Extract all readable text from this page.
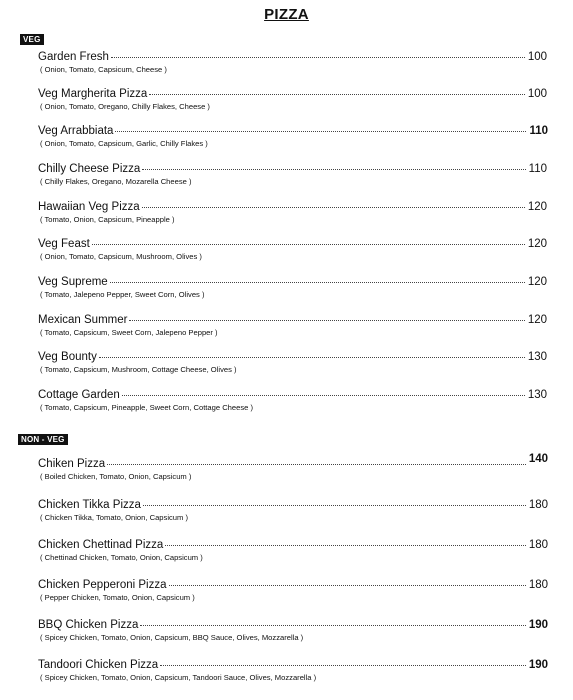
PIZZA
VEG
Garden Fresh	100
( Onion, Tomato, Capsicum, Cheese )
Veg Margherita Pizza	100
( Onion, Tomato, Oregano, Chilly Flakes, Cheese )
Veg Arrabbiata	110
( Onion, Tomato, Capsicum, Garlic, Chilly Flakes )
Chilly Cheese Pizza	110
( Chilly Flakes, Oregano, Mozarella Cheese )
Hawaiian Veg Pizza	120
( Tomato, Onion, Capsicum, Pineapple )
Veg Feast	120
( Onion, Tomato, Capsicum, Mushroom, Olives )
Veg Supreme	120
( Tomato, Jalepeno Pepper, Sweet Corn, Olives )
Mexican Summer	120
( Tomato, Capsicum, Sweet Corn, Jalepeno Pepper )
Veg Bounty	130
( Tomato, Capsicum, Mushroom, Cottage Cheese, Olives )
Cottage Garden	130
( Tomato, Capsicum, Pineapple, Sweet Corn, Cottage Cheese )
NON - VEG
Chiken Pizza	140
( Boiled Chicken, Tomato, Onion, Capsicum )
Chicken Tikka Pizza	180
( Chicken Tikka, Tomato, Onion, Capsicum )
Chicken Chettinad Pizza	180
( Chettinad Chicken, Tomato, Onion, Capsicum )
Chicken Pepperoni Pizza	180
( Pepper Chicken, Tomato, Onion, Capsicum )
BBQ Chicken Pizza	190
( Spicey Chicken, Tomato, Onion, Capsicum, BBQ Sauce, Olives, Mozzarella )
Tandoori Chicken Pizza	190
( Spicey Chicken, Tomato, Onion, Capsicum, Tandoori Sauce, Olives, Mozzarella )
